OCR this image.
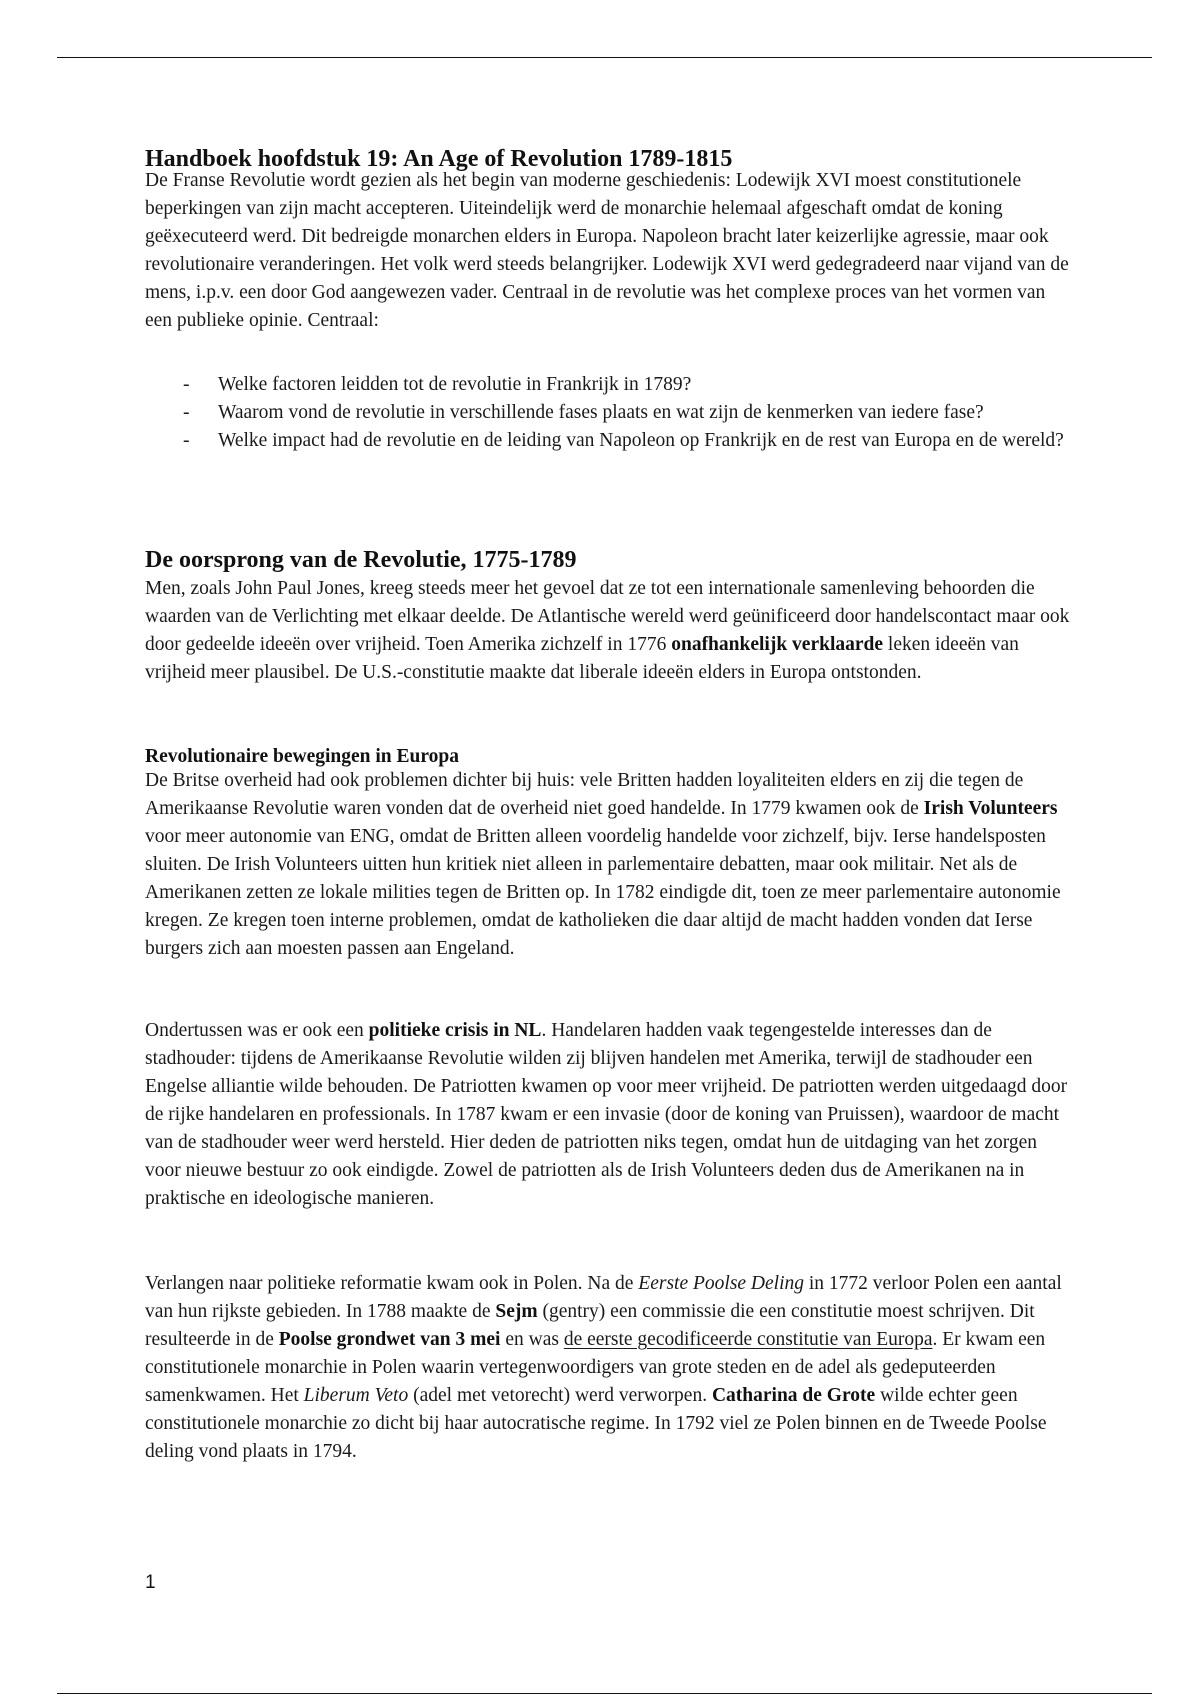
Handboek hoofdstuk 19: An Age of Revolution 1789-1815

De Franse Revolutie wordt gezien als het begin van moderne geschiedenis: Lodewijk XVI moest constitutionele beperkingen van zijn macht accepteren. Uiteindelijk werd de monarchie helemaal afgeschaft omdat de koning geëxecuteerd werd. Dit bedreigde monarchen elders in Europa. Napoleon bracht later keizerlijke agressie, maar ook revolutionaire veranderingen. Het volk werd steeds belangrijker. Lodewijk XVI werd gedegradeerd naar vijand van de mens, i.p.v. een door God aangewezen vader. Centraal in de revolutie was het complexe proces van het vormen van een publieke opinie. Centraal:

- Welke factoren leidden tot de revolutie in Frankrijk in 1789?
- Waarom vond de revolutie in verschillende fases plaats en wat zijn de kenmerken van iedere fase?
- Welke impact had de revolutie en de leiding van Napoleon op Frankrijk en de rest van Europa en de wereld?
De oorsprong van de Revolutie, 1775-1789

Men, zoals John Paul Jones, kreeg steeds meer het gevoel dat ze tot een internationale samenleving behoorden die waarden van de Verlichting met elkaar deelde. De Atlantische wereld werd geünificeerd door handelscontact maar ook door gedeelde ideeën over vrijheid. Toen Amerika zichzelf in 1776 onafhankelijk verklaarde leken ideeën van vrijheid meer plausibel. De U.S.-constitutie maakte dat liberale ideeën elders in Europa ontstonden.

Revolutionaire bewegingen in Europa

De Britse overheid had ook problemen dichter bij huis: vele Britten hadden loyaliteiten elders en zij die tegen de Amerikaanse Revolutie waren vonden dat de overheid niet goed handelde. In 1779 kwamen ook de Irish Volunteers voor meer autonomie van ENG, omdat de Britten alleen voordelig handelde voor zichzelf, bijv. Ierse handelsposten sluiten. De Irish Volunteers uitten hun kritiek niet alleen in parlementaire debatten, maar ook militair. Net als de Amerikanen zetten ze lokale milities tegen de Britten op. In 1782 eindigde dit, toen ze meer parlementaire autonomie kregen. Ze kregen toen interne problemen, omdat de katholieken die daar altijd de macht hadden vonden dat Ierse burgers zich aan moesten passen aan Engeland.

Ondertussen was er ook een politieke crisis in NL. Handelaren hadden vaak tegengestelde interesses dan de stadhouder: tijdens de Amerikaanse Revolutie wilden zij blijven handelen met Amerika, terwijl de stadhouder een Engelse alliantie wilde behouden. De Patriotten kwamen op voor meer vrijheid. De patriotten werden uitgedaagd door de rijke handelaren en professionals. In 1787 kwam er een invasie (door de koning van Pruissen), waardoor de macht van de stadhouder weer werd hersteld. Hier deden de patriotten niks tegen, omdat hun de uitdaging van het zorgen voor nieuwe bestuur zo ook eindigde. Zowel de patriotten als de Irish Volunteers deden dus de Amerikanen na in praktische en ideologische manieren.

Verlangen naar politieke reformatie kwam ook in Polen. Na de Eerste Poolse Deling in 1772 verloor Polen een aantal van hun rijkste gebieden. In 1788 maakte de Sejm (gentry) een commissie die een constitutie moest schrijven. Dit resulteerde in de Poolse grondwet van 3 mei en was de eerste gecodificeerde constitutie van Europa. Er kwam een constitutionele monarchie in Polen waarin vertegenwoordigers van grote steden en de adel als gedeputeerden samenkwamen. Het Liberum Veto (adel met vetorecht) werd verworpen. Catharina de Grote wilde echter geen constitutionele monarchie zo dicht bij haar autocratische regime. In 1792 viel ze Polen binnen en de Tweede Poolse deling vond plaats in 1794.

1
